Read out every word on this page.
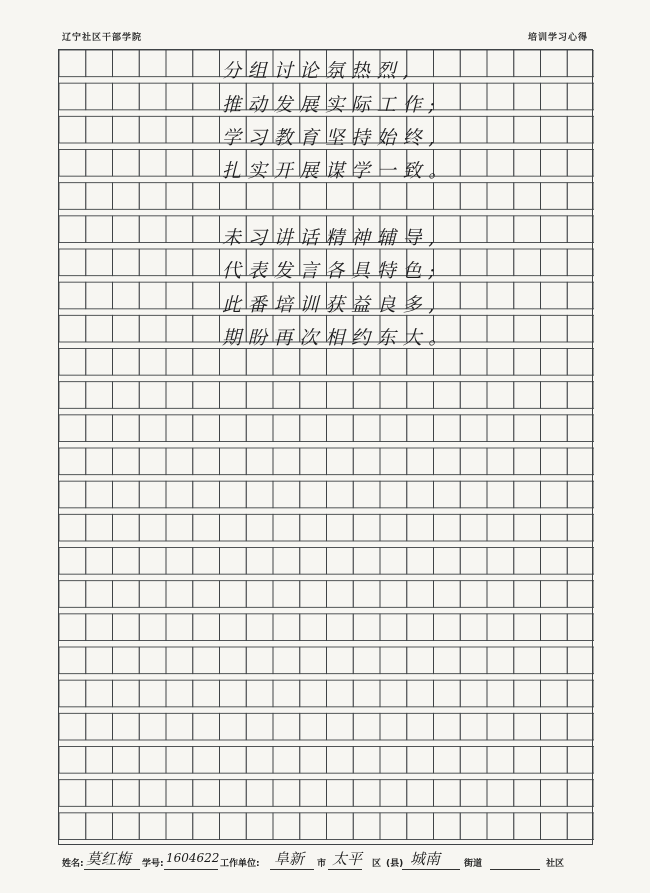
辽宁社区干部学院	培训学习心得
分组讨论氛热烈,
推动发展实际工作;
学习教育坚持始终,
扎实开展谋学一致。
未习讲话精神辅导,
代表发言各具特色;
此番培训获益良多,
期盼再次相约东大。
姓名: 莫红梅 学号: 1604622 工作单位: 阜新 市 太平 区 (县) 城南	街道	社区
